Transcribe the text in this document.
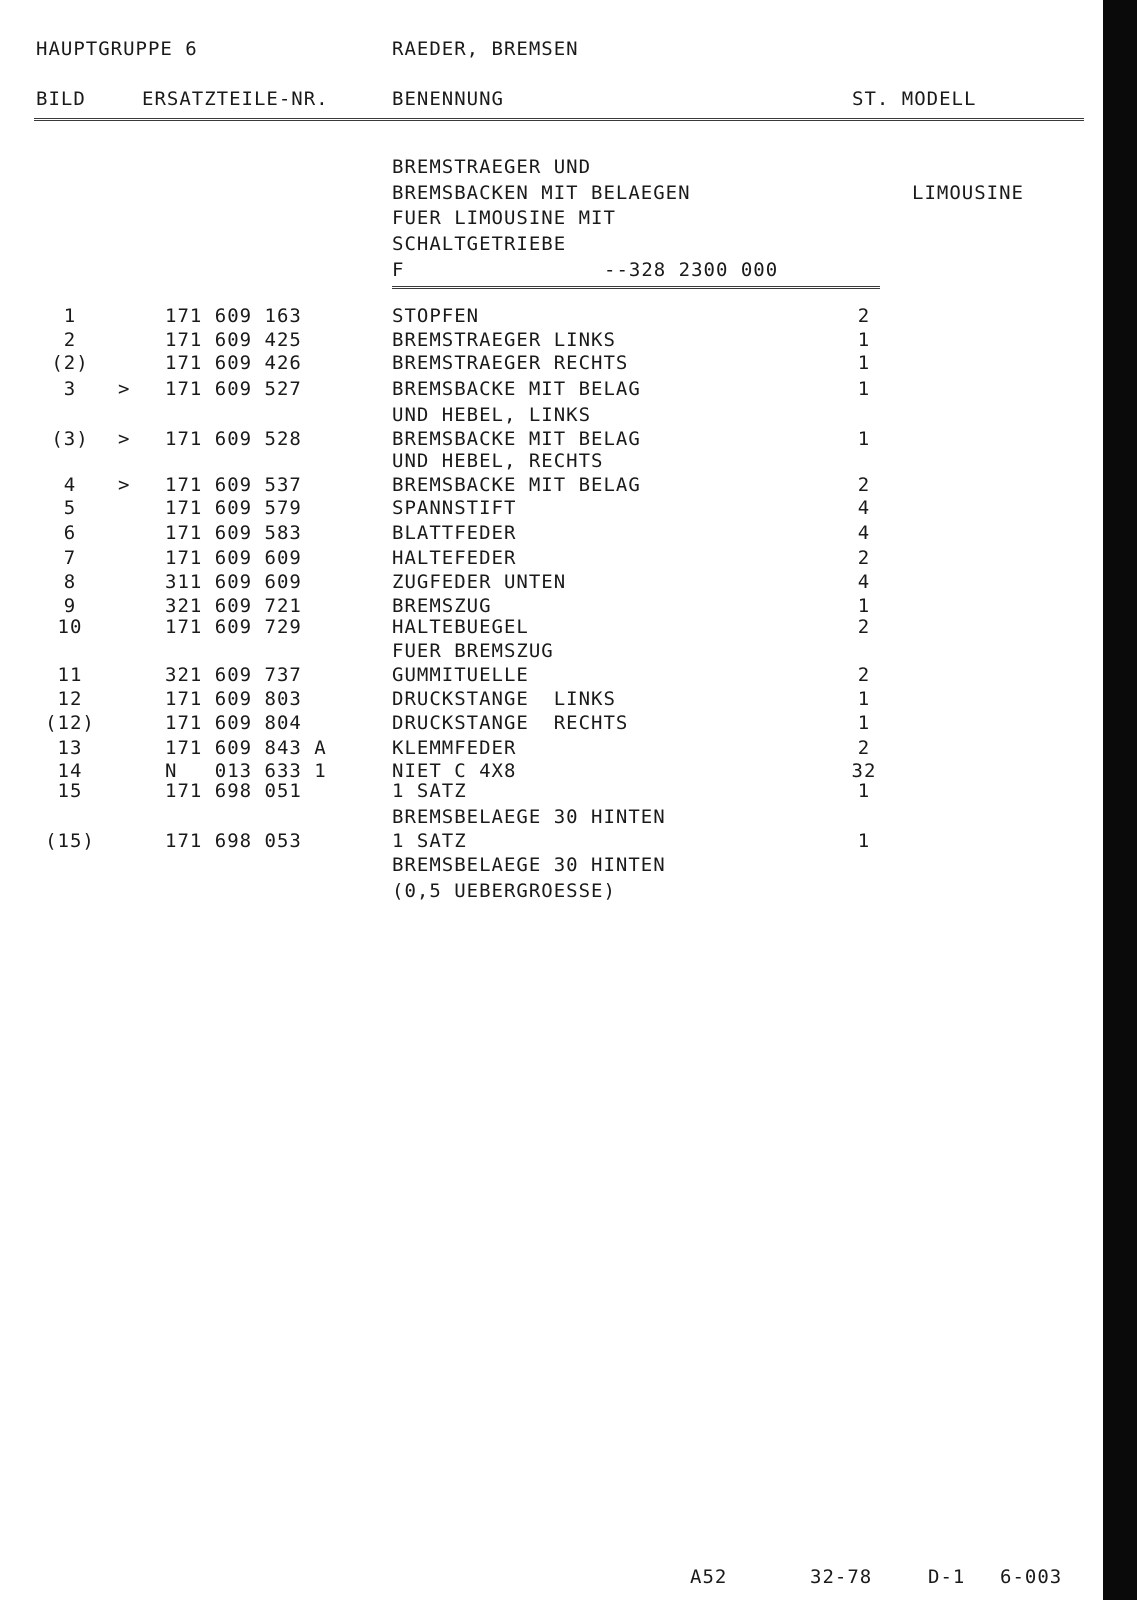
HAUPTGRUPPE 6	RAEDER, BREMSEN
BILD	ERSATZTEILE-NR.	BENENNUNG	ST. MODELL
BREMSTRAEGER UND
BREMSBACKEN MIT BELAEGEN
FUER LIMOUSINE MIT
SCHALTGETRIEBE
F	--328 2300 000
LIMOUSINE
1	171 609 163	STOPFEN	2
2	171 609 425	BREMSTRAEGER LINKS	1
(2)	171 609 426	BREMSTRAEGER RECHTS	1
3	> 171 609 527	BREMSBACKE MIT BELAG	1
UND HEBEL, LINKS
(3)	> 171 609 528	BREMSBACKE MIT BELAG	1
UND HEBEL, RECHTS
4	> 171 609 537	BREMSBACKE MIT BELAG	2
5	171 609 579	SPANNSTIFT	4
6	171 609 583	BLATTFEDER	4
7	171 609 609	HALTEFEDER	2
8	311 609 609	ZUGFEDER UNTEN	4
9	321 609 721	BREMSZUG	1
10	171 609 729	HALTEBUEGEL	2
FUER BREMSZUG
11	321 609 737	GUMMITUELLE	2
12	171 609 803	DRUCKSTANGE  LINKS	1
(12)	171 609 804	DRUCKSTANGE  RECHTS	1
13	171 609 843 A	KLEMMFEDER	2
14	N   013 633 1	NIET C 4X8	32
15	171 698 051	1 SATZ	1
BREMSBELAEGE 30 HINTEN
(15)	171 698 053	1 SATZ	1
BREMSBELAEGE 30 HINTEN
(0,5 UEBERGROESSE)
A52	32-78	D-1 6-003
